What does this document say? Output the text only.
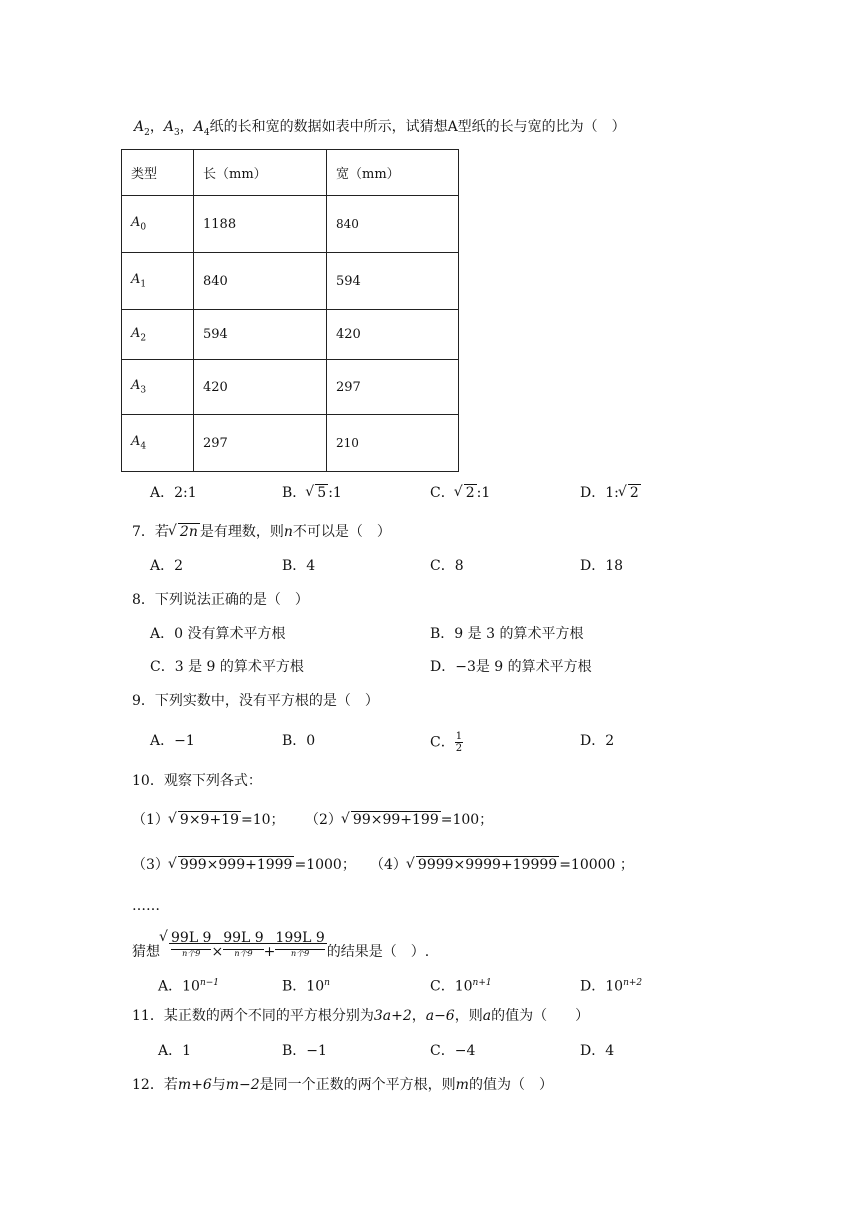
$A_2$，$A_3$，$A_4$纸的长和宽的数据如表中所示，试猜想A型纸的长与宽的比为（　）
类型	长（mm）	宽（mm）
$A_0$	1188	840
$A_1$	840	594
$A_2$	594	420
$A_3$	420	297
$A_4$	297	210
A．2:1	B． √ 5 :1	C． √ 2 :1	D．1: √ 2
7．若 √ 2n 是有理数，则n不可以是（　）
A．2	B．4	C．8	D．18
8．下列说法正确的是（　）
A．0 没有算术平方根	B．9 是 3 的算术平方根
C．3 是 9 的算术平方根	D．−3是 9 的算术平方根
9．下列实数中，没有平方根的是（　）
A．−1	B．0	C． $\frac{1}{2}$	D．2
10．观察下列各式：
（1） √ 9×9+19 =10； （2） √ 99×99+199 =100；
（3） √ 999×999+1999 =1000； （4） √ 9999×9999+19999 =10000 ；
……
猜想√ 99L 9
n个9 ×99L 9
n个9 +199L 9
n个9	的结果是（　）.
A．$10^{n-1}$	B．10$^n$	C．$10^{n+1}$	D．$10^{n+2}$
11．某正数的两个不同的平方根分别为3a+2，a−6，则a的值为（　　）
A．1	B．−1	C．−4	D．4
12．若m+6与m−2是同一个正数的两个平方根，则m的值为（　）
